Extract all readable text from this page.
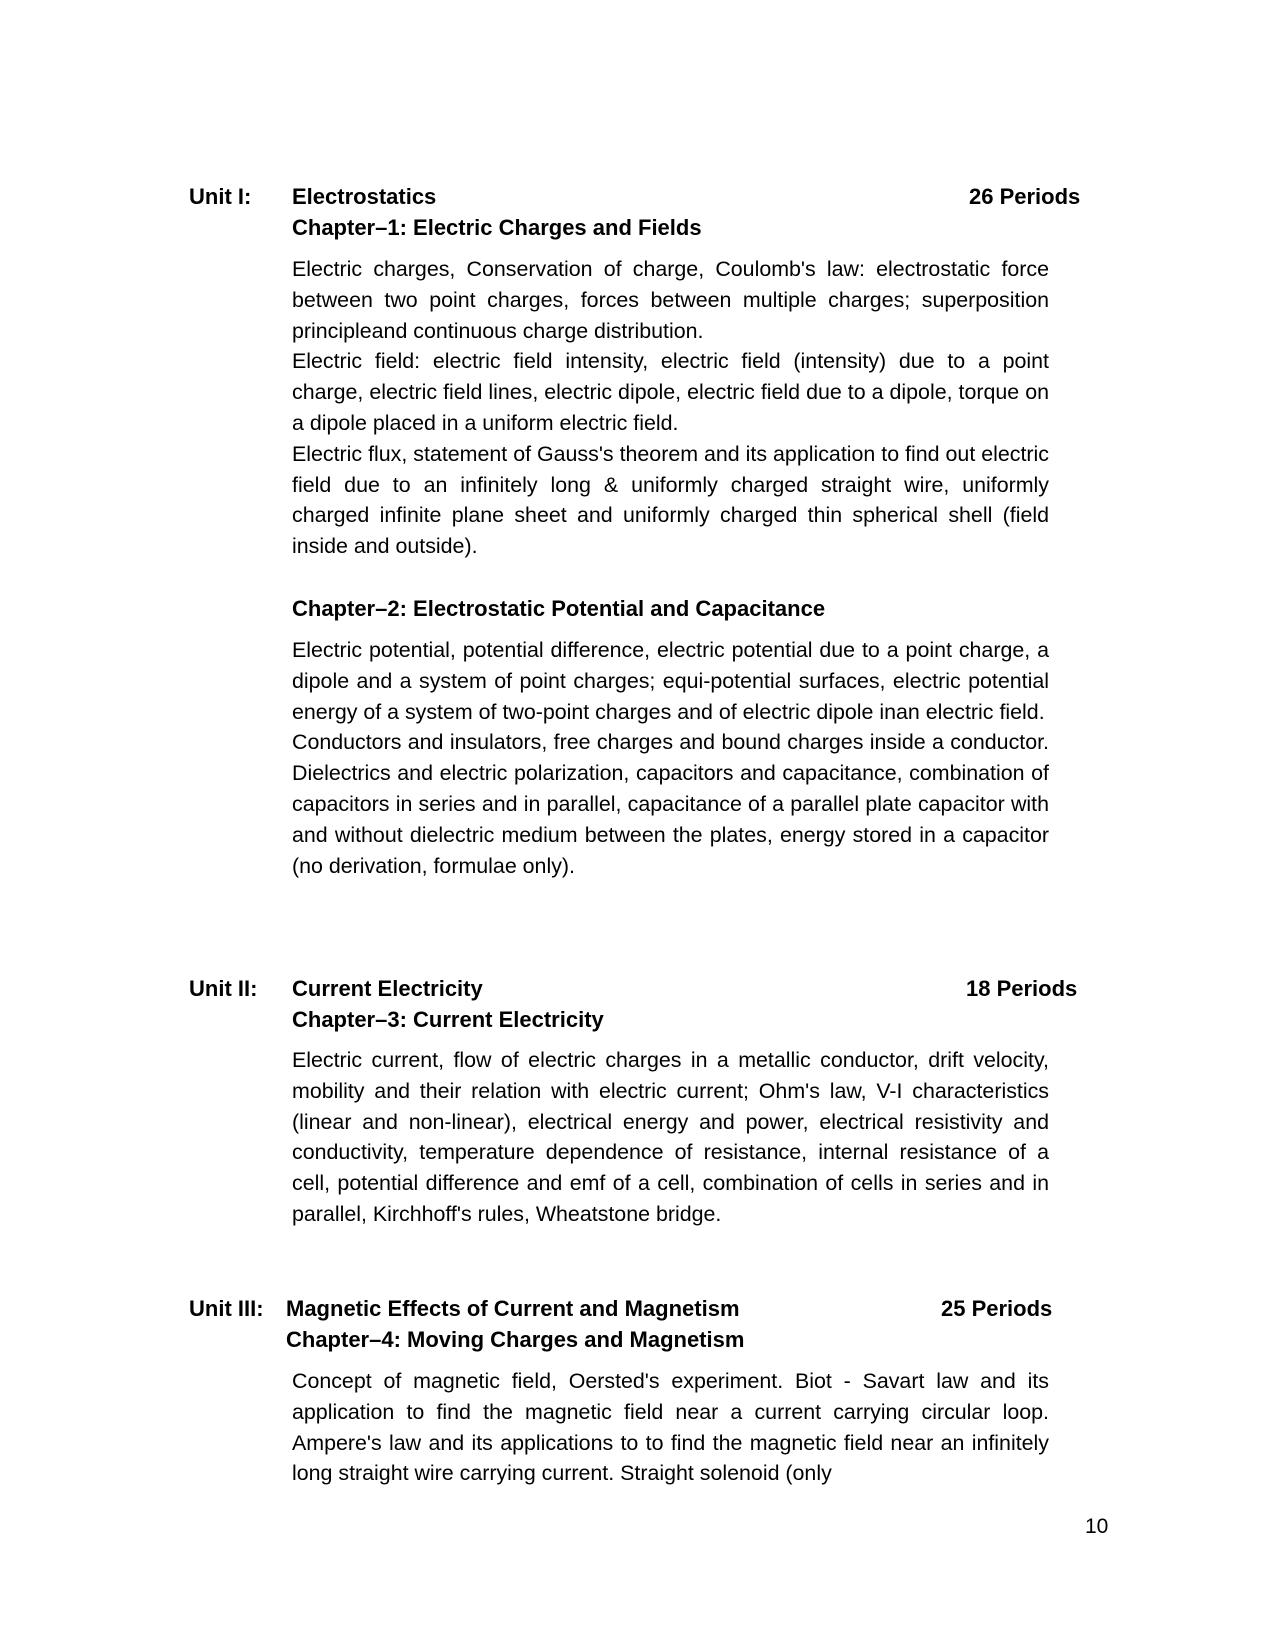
Unit I: Electrostatics	26 Periods
Chapter–1: Electric Charges and Fields

Electric charges, Conservation of charge, Coulomb's law: electrostatic force between two point charges, forces between multiple charges; superposition principleand continuous charge distribution.

Electric field: electric field intensity, electric field (intensity) due to a point charge, electric field lines, electric dipole, electric field due to a dipole, torque on a dipole placed in a uniform electric field.

Electric flux, statement of Gauss's theorem and its application to find out electric field due to an infinitely long & uniformly charged straight wire, uniformly charged infinite plane sheet and uniformly charged thin spherical shell (field inside and outside).

Chapter–2: Electrostatic Potential and Capacitance

Electric potential, potential difference, electric potential due to a point charge, a dipole and a system of point charges; equi-potential surfaces, electric potential energy of a system of two-point charges and of electric dipole inan electric field.

Conductors and insulators, free charges and bound charges inside a conductor. Dielectrics and electric polarization, capacitors and capacitance, combination of capacitors in series and in parallel, capacitance of a parallel plate capacitor with and without dielectric medium between the plates, energy stored in a capacitor (no derivation, formulae only).

Unit II: Current Electricity	18 Periods
Chapter–3: Current Electricity

Electric current, flow of electric charges in a metallic conductor, drift velocity, mobility and their relation with electric current; Ohm's law, V-I characteristics (linear and non-linear), electrical energy and power, electrical resistivity and conductivity, temperature dependence of resistance, internal resistance of a cell, potential difference and emf of a cell, combination of cells in series and in parallel, Kirchhoff's rules, Wheatstone bridge.

Unit III: Magnetic Effects of Current and Magnetism	25 Periods
Chapter–4: Moving Charges and Magnetism

Concept of magnetic field, Oersted's experiment. Biot - Savart law and its application to find the magnetic field near a current carrying circular loop. Ampere's law and its applications to to find the magnetic field near an infinitely long straight wire carrying current. Straight solenoid (only

10
